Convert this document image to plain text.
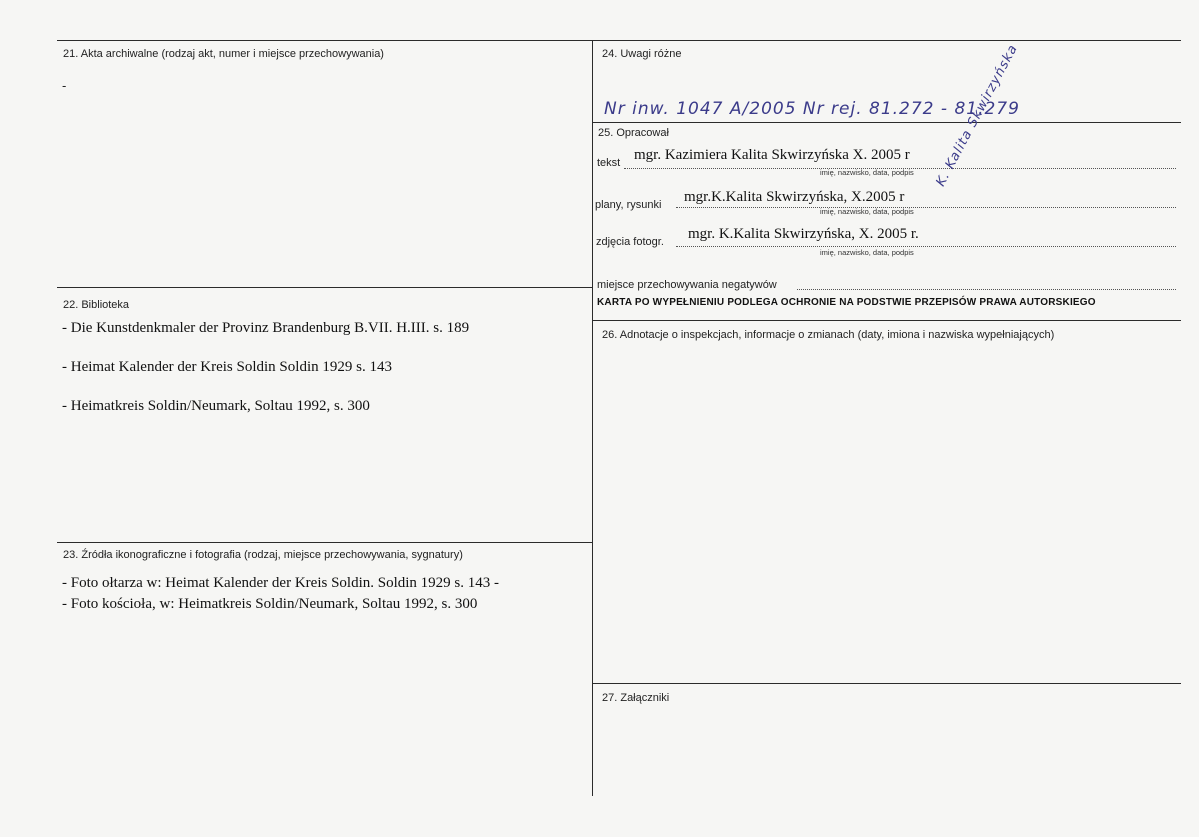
21. Akta archiwalne (rodzaj akt, numer i miejsce przechowywania)
-
22. Biblioteka
- Die Kunstdenkmaler der Provinz Brandenburg B.VII. H.III. s. 189
- Heimat Kalender der Kreis Soldin Soldin 1929 s. 143
- Heimatkreis Soldin/Neumark, Soltau 1992, s. 300
23. Źródła ikonograficzne i fotografia (rodzaj, miejsce przechowywania, sygnatury)
- Foto ołtarza w: Heimat Kalender der Kreis Soldin. Soldin 1929 s. 143 -
- Foto kościoła, w: Heimatkreis Soldin/Neumark, Soltau 1992, s. 300
24. Uwagi różne
Nr inw. 1047 A/2005 Nr rej. 81.272 - 81.279
25. Opracował
tekst mgr. Kazimiera Kalita Skwirzyńska X. 2005 r
imię, nazwisko, data, podpis
plany, rysunki mgr.K.Kalita Skwirzyńska, X.2005 r
imię, nazwisko, data, podpis
zdjęcia fotogr. mgr. K.Kalita Skwirzyńska, X. 2005 r.
imię, nazwisko, data, podpis
K. Kalita Skwirzyńska
miejsce przechowywania negatywów
KARTA PO WYPEŁNIENIU PODLEGA OCHRONIE NA PODSTWIE PRZEPISÓW PRAWA AUTORSKIEGO
26. Adnotacje o inspekcjach, informacje o zmianach (daty, imiona i nazwiska wypełniających)
27. Załączniki
